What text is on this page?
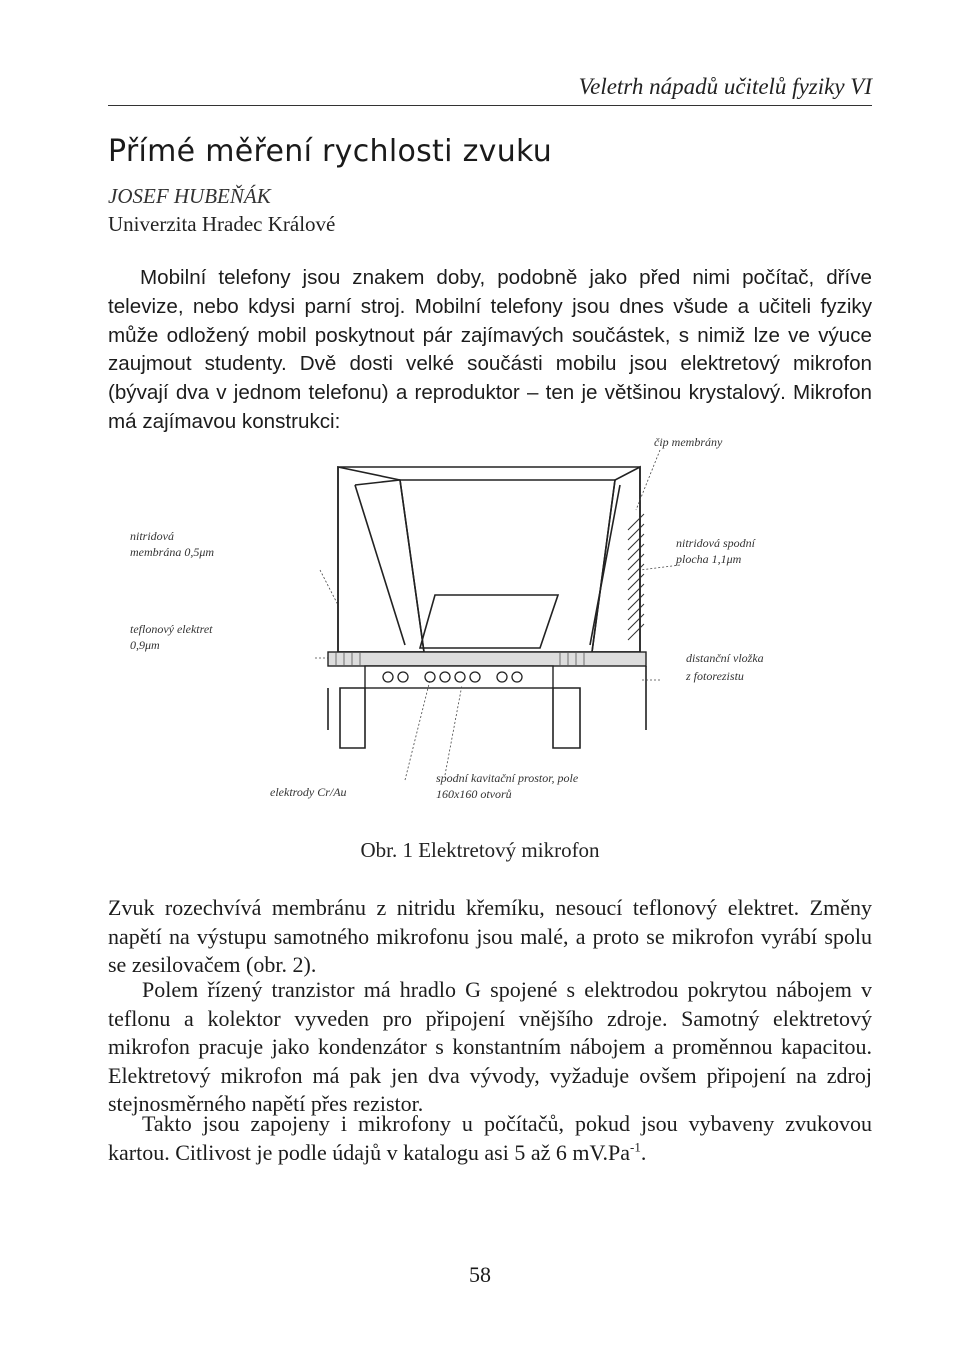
Veletrh nápadů učitelů fyziky VI
Přímé měření rychlosti zvuku
JOSEF HUBEŇÁK
Univerzita Hradec Králové

Mobilní telefony jsou znakem doby, podobně jako před nimi počítač, dříve televize, nebo kdysi parní stroj. Mobilní telefony jsou dnes všude a učiteli fyziky může odložený mobil poskytnout pár zajímavých součástek, s nimiž lze ve výuce zaujmout studenty. Dvě dosti velké součásti mobilu jsou elektretový mikrofon (bývají dva v jednom telefonu) a reproduktor – ten je většinou krystalový. Mikrofon má zajímavou konstrukci:

čip membrány
nitridová
membrána 0,5μm
nitridová spodní
plocha 1,1μm
teflonový elektret
0,9μm
distanční vložka
z fotorezistu
elektrody Cr/Au
spodní kavitační prostor, pole
160x160 otvorů
Obr. 1 Elektretový mikrofon

Zvuk rozechvívá membránu z nitridu křemíku, nesoucí teflonový elektret. Změny napětí na výstupu samotného mikrofonu jsou malé, a proto se mikrofon vyrábí spolu se zesilovačem (obr. 2).

Polem řízený tranzistor má hradlo G spojené s elektrodou pokrytou nábojem v teflonu a kolektor vyveden pro připojení vnějšího zdroje. Samotný elektretový mikrofon pracuje jako kondenzátor s konstantním nábojem a proměnnou kapacitou. Elektretový mikrofon má pak jen dva vývody, vyžaduje ovšem připojení na zdroj stejnosměrného napětí přes rezistor.

Takto jsou zapojeny i mikrofony u počítačů, pokud jsou vybaveny zvukovou kartou. Citlivost je podle údajů v katalogu asi 5 až 6 $mV.Pa^{-1}$.

58
